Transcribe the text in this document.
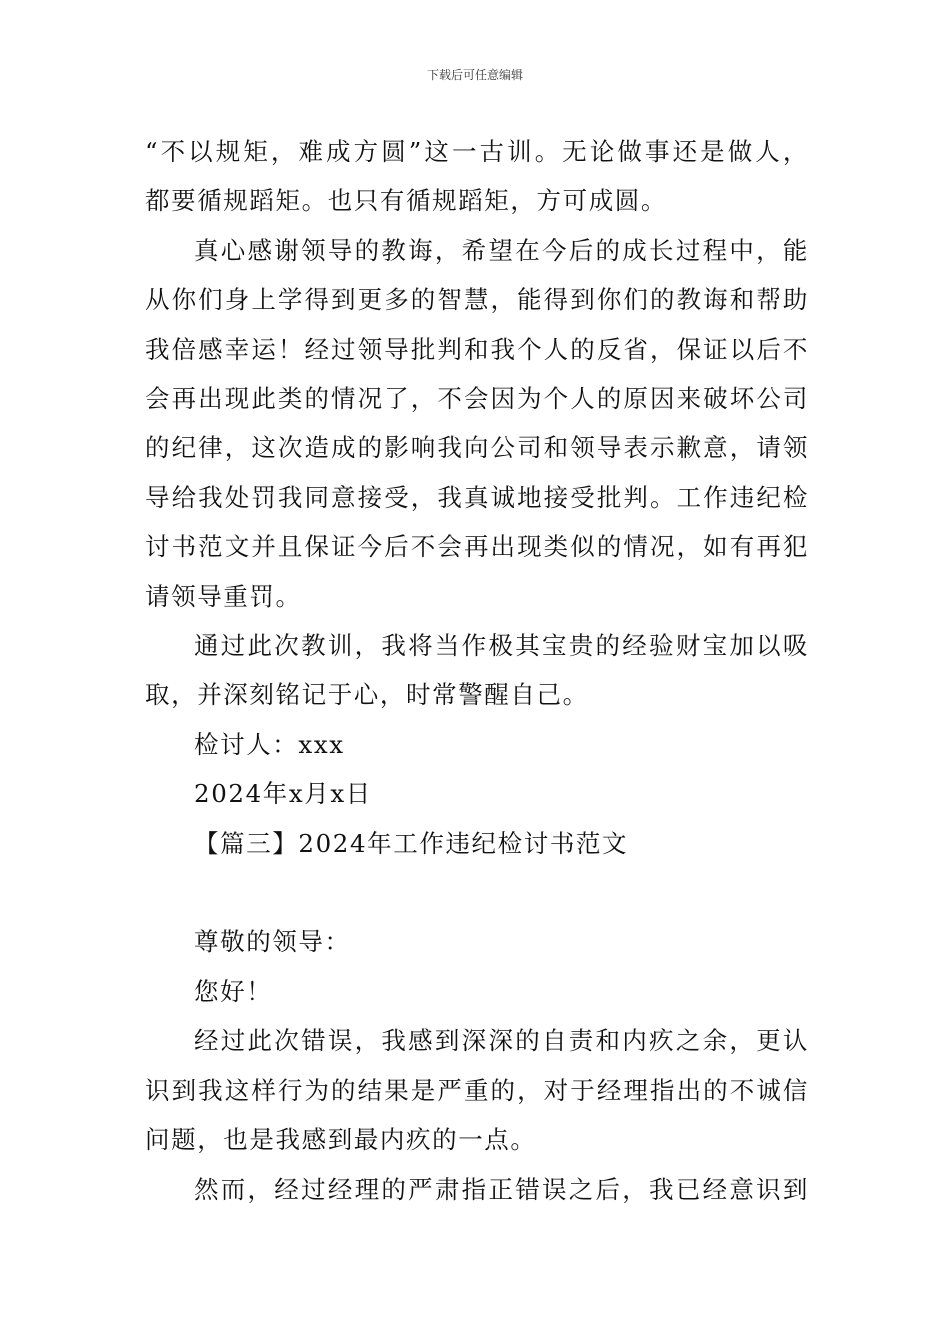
下载后可任意编辑

“不以规矩，难成方圆”这一古训。无论做事还是做人，

都要循规蹈矩。也只有循规蹈矩，方可成圆。

真心感谢领导的教诲，希望在今后的成长过程中，能从你们身上学得到更多的智慧，能得到你们的教诲和帮助我倍感幸运！经过领导批判和我个人的反省，保证以后不会再出现此类的情况了，不会因为个人的原因来破坏公司的纪律，这次造成的影响我向公司和领导表示歉意，请领导给我处罚我同意接受，我真诚地接受批判。工作违纪检讨书范文并且保证今后不会再出现类似的情况，如有再犯请领导重罚。

通过此次教训，我将当作极其宝贵的经验财宝加以吸取，并深刻铭记于心，时常警醒自己。

检讨人：xxx

2024年x月x日

【篇三】2024年工作违纪检讨书范文

尊敬的领导：

您好！

经过此次错误，我感到深深的自责和内疚之余，更认识到我这样行为的结果是严重的，对于经理指出的不诚信问题，也是我感到最内疚的一点。

然而，经过经理的严肃指正错误之后，我已经意识到
